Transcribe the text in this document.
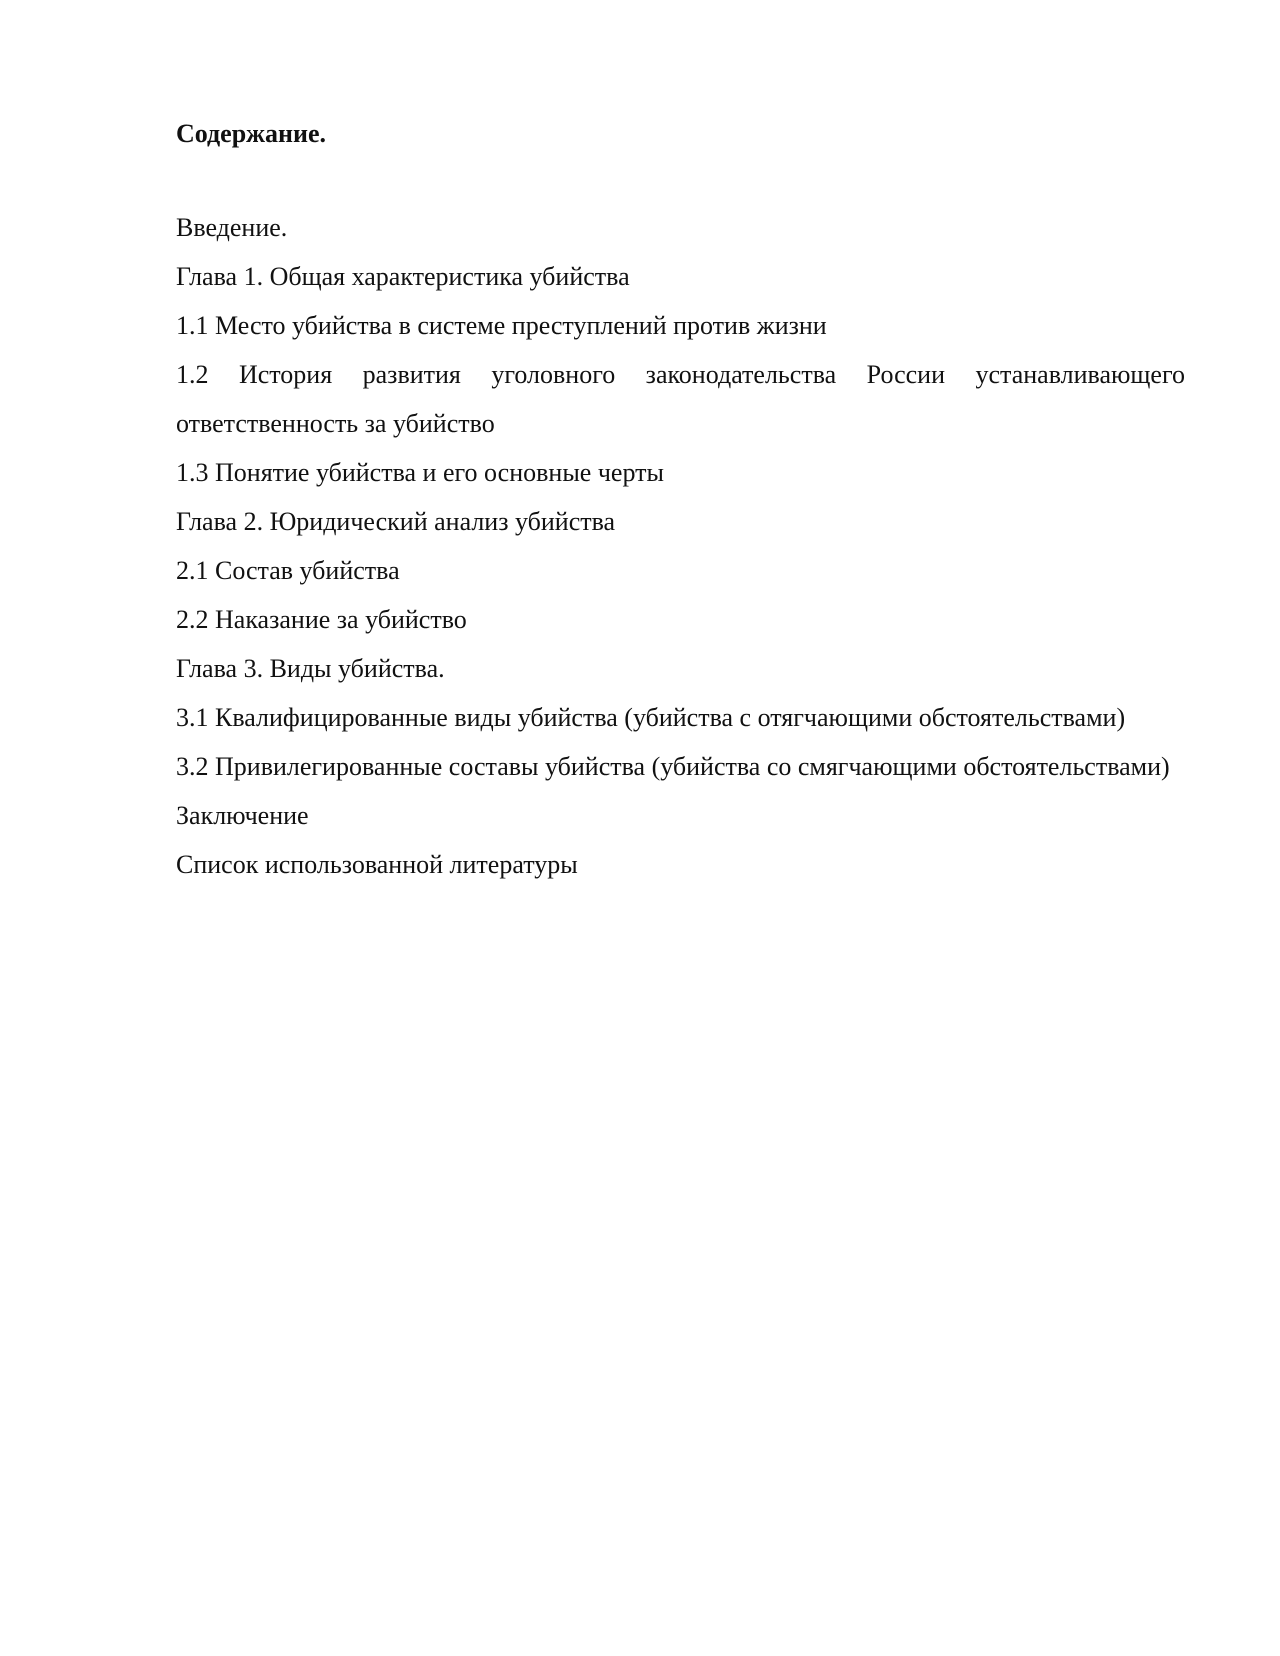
Содержание.
Введение.
Глава 1. Общая характеристика убийства
1.1 Место убийства в системе преступлений против жизни
1.2 История развития уголовного законодательства России устанавливающего ответственность за убийство
1.3 Понятие убийства и его основные черты
Глава 2. Юридический анализ убийства
2.1 Состав убийства
2.2 Наказание за убийство
Глава 3. Виды убийства.
3.1 Квалифицированные виды убийства (убийства с отягчающими обстоятельствами)
3.2 Привилегированные составы убийства (убийства со смягчающими обстоятельствами)
Заключение
Список использованной литературы
